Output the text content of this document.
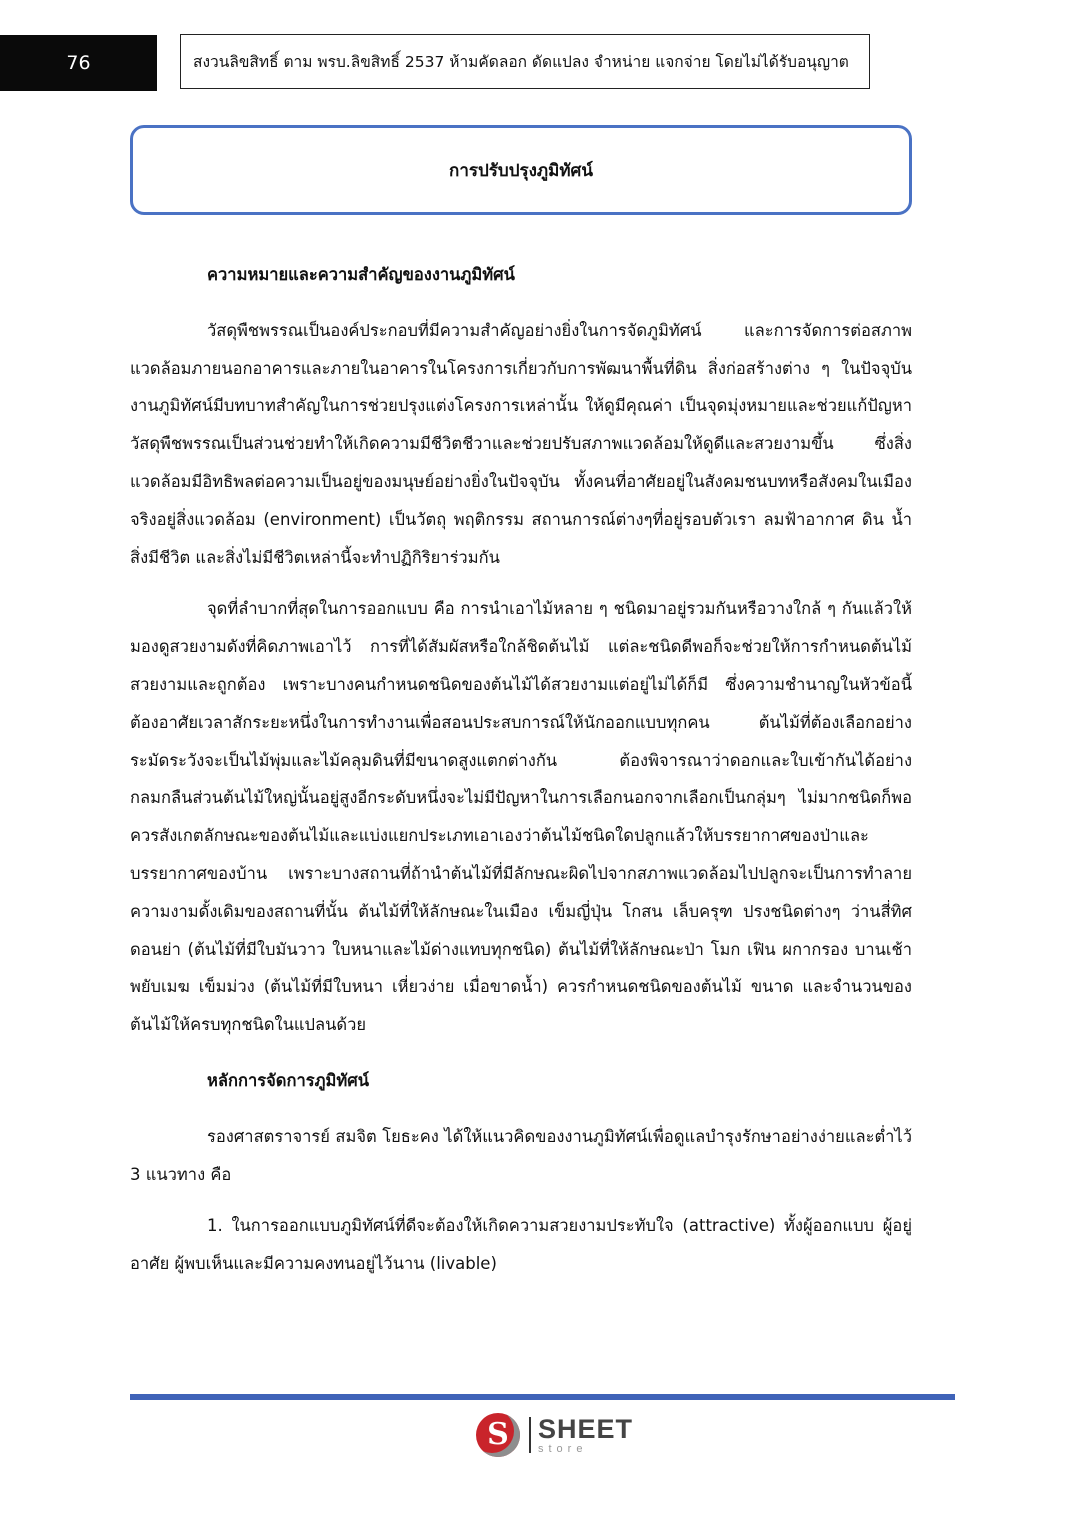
76	สงวนลิขสิทธิ์ ตาม พรบ.ลิขสิทธิ์ 2537 ห้ามคัดลอก ดัดแปลง จำหน่าย แจกจ่าย โดยไม่ได้รับอนุญาต
การปรับปรุงภูมิทัศน์
ความหมายและความสำคัญของงานภูมิทัศน์

วัสดุพืชพรรณเป็นองค์ประกอบที่มีความสำคัญอย่างยิ่งในการจัดภูมิทัศน์ และการจัดการต่อสภาพแวดล้อมภายนอกอาคารและภายในอาคารในโครงการเกี่ยวกับการพัฒนาพื้นที่ดิน สิ่งก่อสร้างต่าง ๆ ในปัจจุบันงานภูมิทัศน์มีบทบาทสำคัญในการช่วยปรุงแต่งโครงการเหล่านั้น ให้ดูมีคุณค่า เป็นจุดมุ่งหมายและช่วยแก้ปัญหา วัสดุพืชพรรณเป็นส่วนช่วยทำให้เกิดความมีชีวิตชีวาและช่วยปรับสภาพแวดล้อมให้ดูดีและสวยงามขึ้น ซึ่งสิ่งแวดล้อมมีอิทธิพลต่อความเป็นอยู่ของมนุษย์อย่างยิ่งในปัจจุบัน ทั้งคนที่อาศัยอยู่ในสังคมชนบทหรือสังคมในเมืองจริงอยู่สิ่งแวดล้อม (environment) เป็นวัตถุ พฤติกรรม สถานการณ์ต่างๆที่อยู่รอบตัวเรา ลมฟ้าอากาศ ดิน น้ำ สิ่งมีชีวิต และสิ่งไม่มีชีวิตเหล่านี้จะทำปฏิกิริยาร่วมกัน

จุดที่ลำบากที่สุดในการออกแบบ คือ การนำเอาไม้หลาย ๆ ชนิดมาอยู่รวมกันหรือวางใกล้ ๆ กันแล้วให้มองดูสวยงามดังที่คิดภาพเอาไว้ การที่ได้สัมผัสหรือใกล้ชิดต้นไม้ แต่ละชนิดดีพอก็จะช่วยให้การกำหนดต้นไม้สวยงามและถูกต้อง เพราะบางคนกำหนดชนิดของต้นไม้ได้สวยงามแต่อยู่ไม่ได้ก็มี ซึ่งความชำนาญในหัวข้อนี้ต้องอาศัยเวลาสักระยะหนึ่งในการทำงานเพื่อสอนประสบการณ์ให้นักออกแบบทุกคน ต้นไม้ที่ต้องเลือกอย่างระมัดระวังจะเป็นไม้พุ่มและไม้คลุมดินที่มีขนาดสูงแตกต่างกัน ต้องพิจารณาว่าดอกและใบเข้ากันได้อย่างกลมกลืนส่วนต้นไม้ใหญ่นั้นอยู่สูงอีกระดับหนึ่งจะไม่มีปัญหาในการเลือกนอกจากเลือกเป็นกลุ่มๆ ไม่มากชนิดก็พอ ควรสังเกตลักษณะของต้นไม้และแบ่งแยกประเภทเอาเองว่าต้นไม้ชนิดใดปลูกแล้วให้บรรยากาศของป่าและบรรยากาศของบ้าน เพราะบางสถานที่ถ้านำต้นไม้ที่มีลักษณะผิดไปจากสภาพแวดล้อมไปปลูกจะเป็นการทำลายความงามดั้งเดิมของสถานที่นั้น ต้นไม้ที่ให้ลักษณะในเมือง เข็มญี่ปุ่น โกสน เล็บครุฑ ปรงชนิดต่างๆ ว่านสี่ทิศ ดอนย่า (ต้นไม้ที่มีใบมันวาว ใบหนาและไม้ด่างแทบทุกชนิด) ต้นไม้ที่ให้ลักษณะป่า โมก เฟิน ผกากรอง บานเช้า พยับเมฆ เข็มม่วง (ต้นไม้ที่มีใบหนา เหี่ยวง่าย เมื่อขาดน้ำ) ควรกำหนดชนิดของต้นไม้ ขนาด และจำนวนของต้นไม้ให้ครบทุกชนิดในแปลนด้วย

หลักการจัดการภูมิทัศน์

รองศาสตราจารย์ สมจิต โยธะคง ได้ให้แนวคิดของงานภูมิทัศน์เพื่อดูแลบำรุงรักษาอย่างง่ายและต่ำไว้ 3 แนวทาง คือ

1. ในการออกแบบภูมิทัศน์ที่ดีจะต้องให้เกิดความสวยงามประทับใจ (attractive) ทั้งผู้ออกแบบ ผู้อยู่อาศัย ผู้พบเห็นและมีความคงทนอยู่ไว้นาน (livable)

S	SHEET
store
